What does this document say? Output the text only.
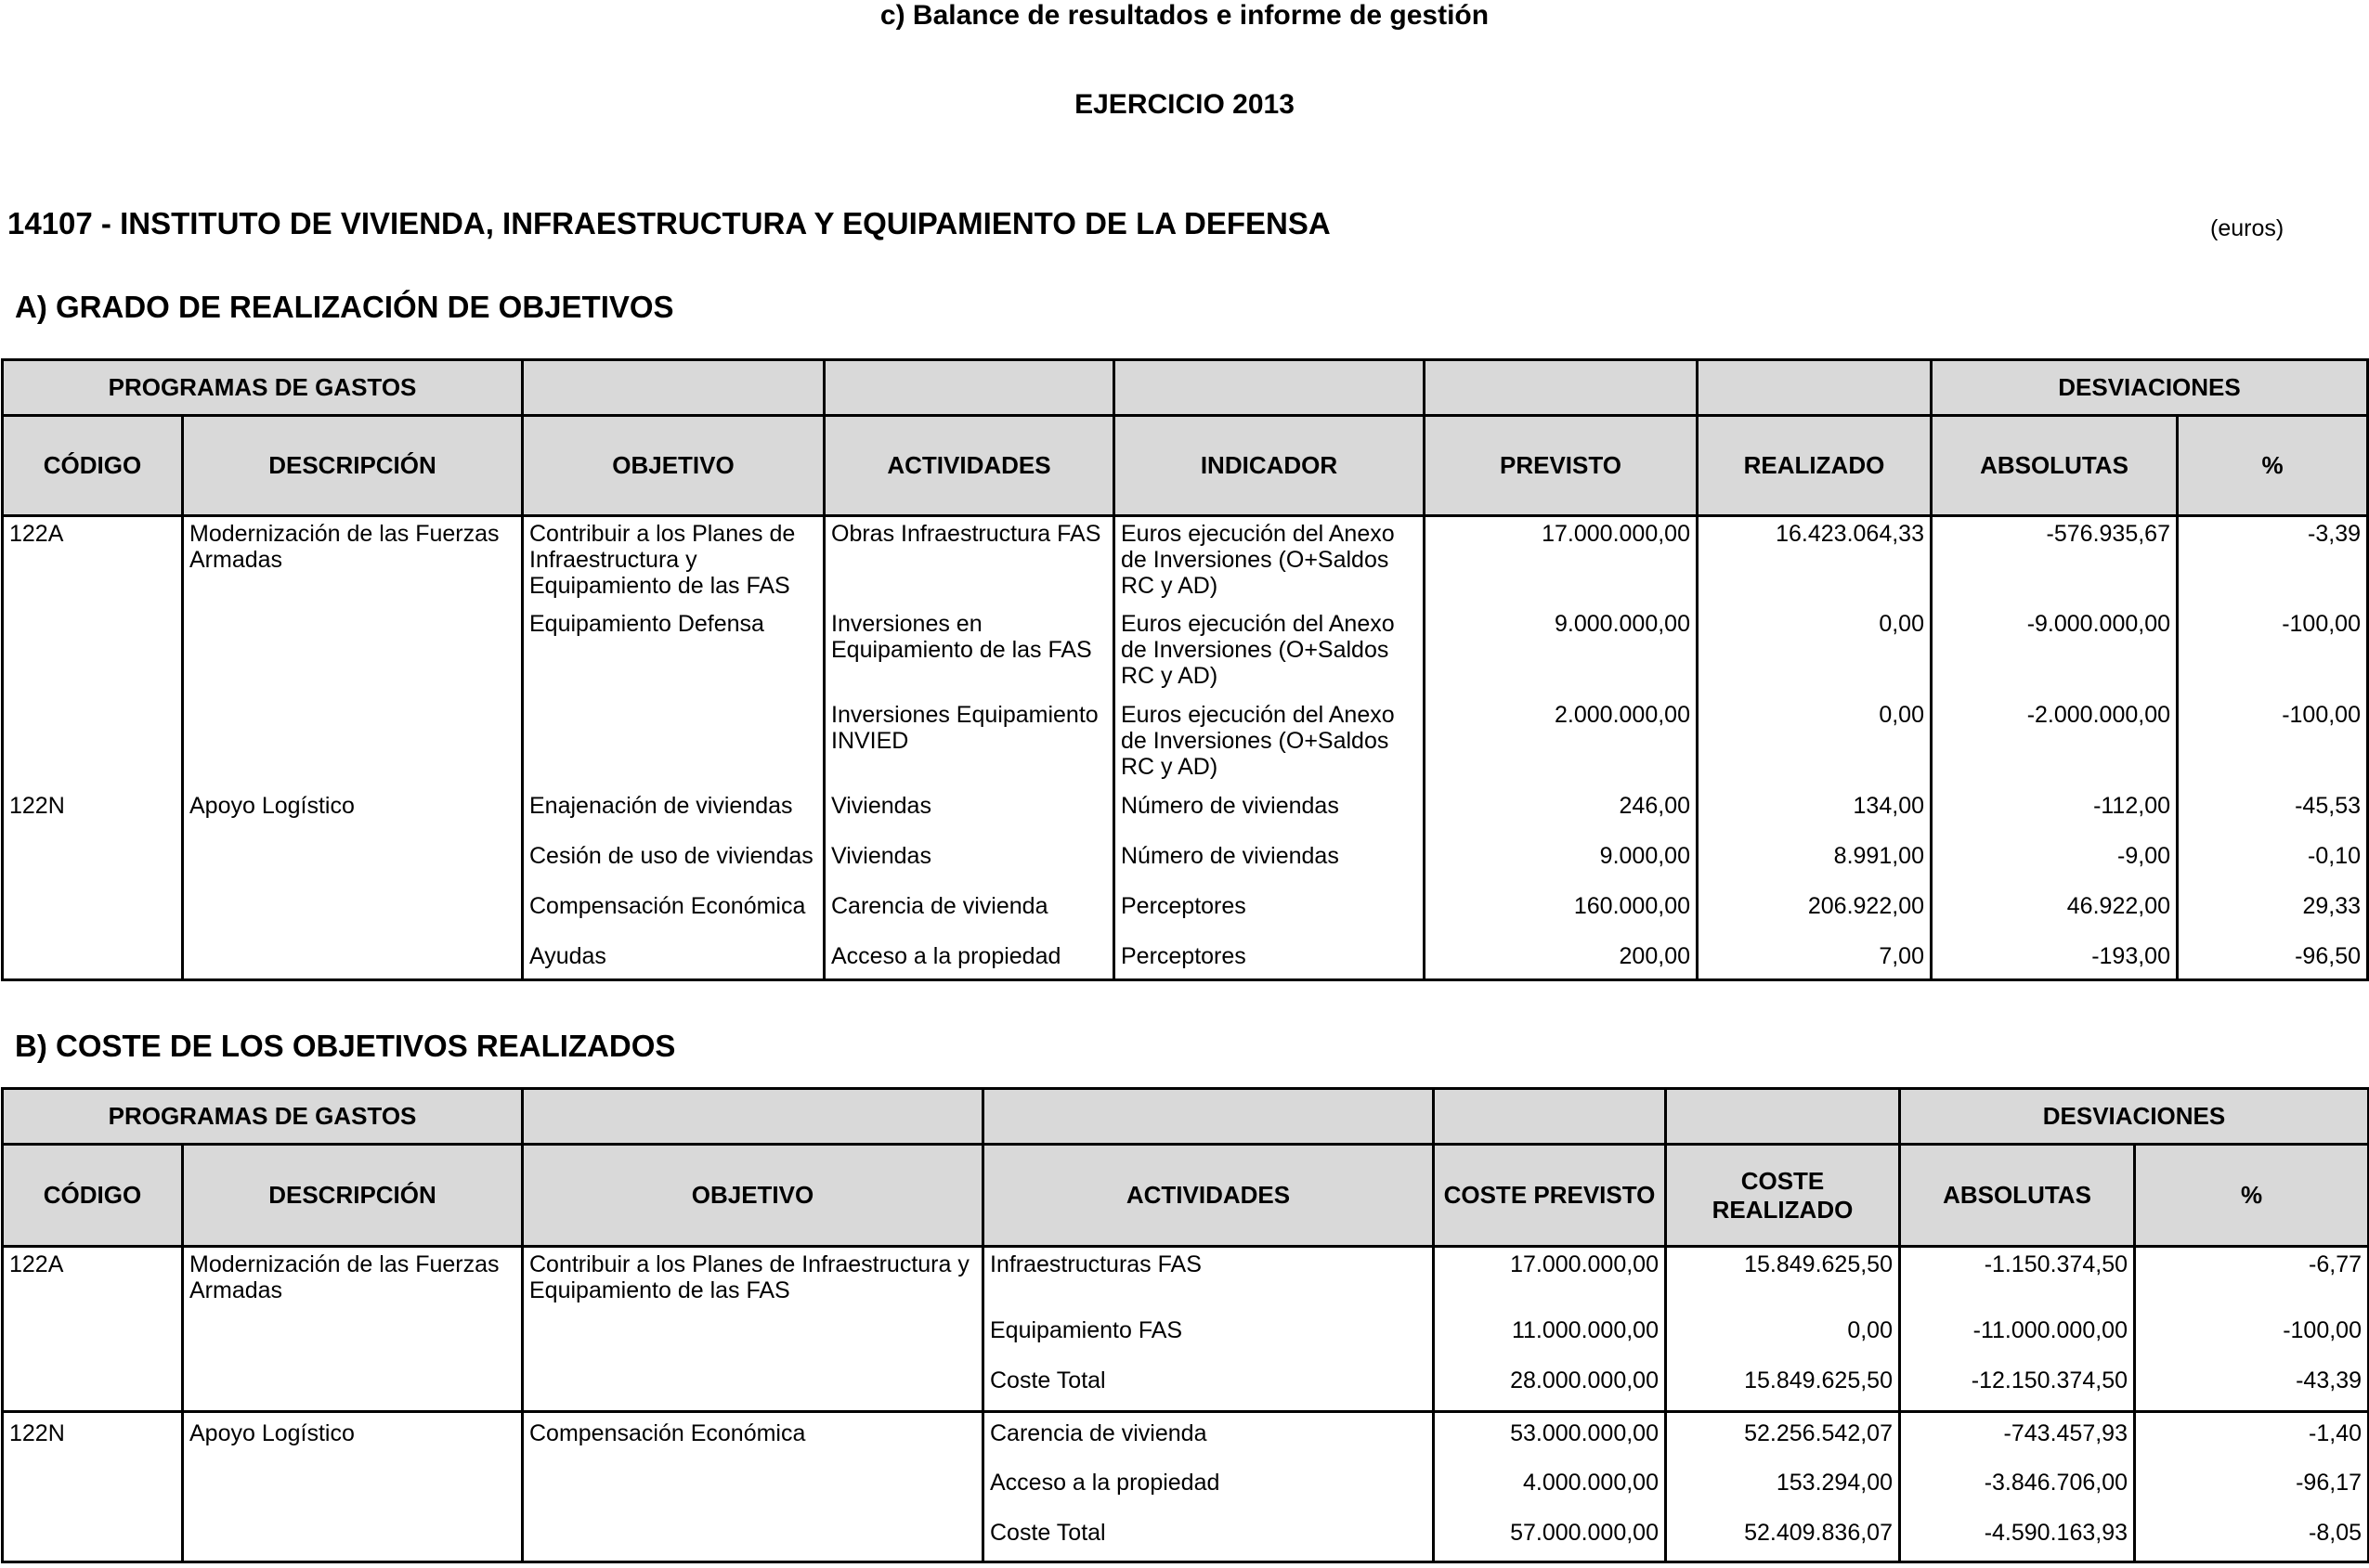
c) Balance de resultados e informe de gestión
EJERCICIO 2013
14107 - INSTITUTO DE VIVIENDA, INFRAESTRUCTURA Y EQUIPAMIENTO DE LA DEFENSA	(euros)
A) GRADO DE REALIZACIÓN DE OBJETIVOS
PROGRAMAS DE GASTOS							DESVIACIONES	
CÓDIGO	DESCRIPCIÓN	OBJETIVO	ACTIVIDADES	INDICADOR	PREVISTO	REALIZADO	ABSOLUTAS	%
122A	Modernización de las Fuerzas Armadas	Contribuir a los Planes de Infraestructura y Equipamiento de las FAS	Obras Infraestructura FAS	Euros ejecución del Anexo de Inversiones (O+Saldos RC y AD)	17.000.000,00	16.423.064,33	-576.935,67	-3,39
		Equipamiento Defensa	Inversiones en Equipamiento de las FAS	Euros ejecución del Anexo de Inversiones (O+Saldos RC y AD)	9.000.000,00	0,00	-9.000.000,00	-100,00
			Inversiones Equipamiento INVIED	Euros ejecución del Anexo de Inversiones (O+Saldos RC y AD)	2.000.000,00	0,00	-2.000.000,00	-100,00
122N	Apoyo Logístico	Enajenación de viviendas	Viviendas	Número de viviendas	246,00	134,00	-112,00	-45,53
		Cesión de uso de viviendas	Viviendas	Número de viviendas	9.000,00	8.991,00	-9,00	-0,10
		Compensación Económica	Carencia de vivienda	Perceptores	160.000,00	206.922,00	46.922,00	29,33
		Ayudas	Acceso a la propiedad	Perceptores	200,00	7,00	-193,00	-96,50
B) COSTE DE LOS OBJETIVOS REALIZADOS
PROGRAMAS DE GASTOS						DESVIACIONES	
CÓDIGO	DESCRIPCIÓN	OBJETIVO	ACTIVIDADES	COSTE PREVISTO	COSTE REALIZADO	ABSOLUTAS	%
122A	Modernización de las Fuerzas Armadas	Contribuir a los Planes de Infraestructura y Equipamiento de las FAS	Infraestructuras FAS	17.000.000,00	15.849.625,50	-1.150.374,50	-6,77
			Equipamiento FAS	11.000.000,00	0,00	-11.000.000,00	-100,00
			Coste Total	28.000.000,00	15.849.625,50	-12.150.374,50	-43,39
122N	Apoyo Logístico	Compensación Económica	Carencia de vivienda	53.000.000,00	52.256.542,07	-743.457,93	-1,40
			Acceso a la propiedad	4.000.000,00	153.294,00	-3.846.706,00	-96,17
			Coste Total	57.000.000,00	52.409.836,07	-4.590.163,93	-8,05
